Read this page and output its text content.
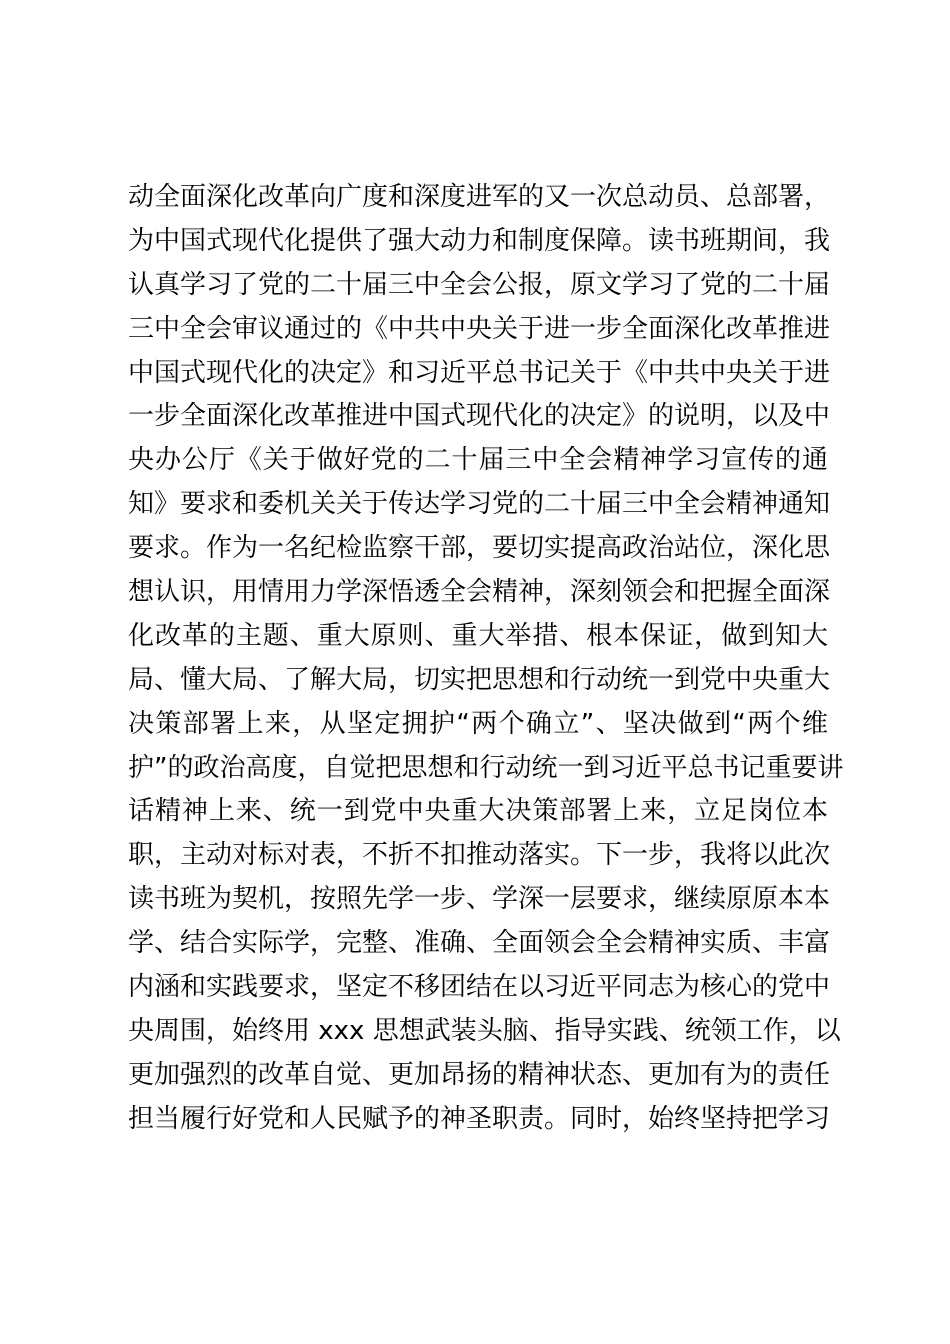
动全面深化改革向广度和深度进军的又一次总动员、总部署，
为中国式现代化提供了强大动力和制度保障。读书班期间，我
认真学习了党的二十届三中全会公报，原文学习了党的二十届
三中全会审议通过的《中共中央关于进一步全面深化改革推进
中国式现代化的决定》和习近平总书记关于《中共中央关于进
一步全面深化改革推进中国式现代化的决定》的说明，以及中
央办公厅《关于做好党的二十届三中全会精神学习宣传的通
知》要求和委机关关于传达学习党的二十届三中全会精神通知
要求。作为一名纪检监察干部，要切实提高政治站位，深化思
想认识，用情用力学深悟透全会精神，深刻领会和把握全面深
化改革的主题、重大原则、重大举措、根本保证，做到知大
局、懂大局、了解大局，切实把思想和行动统一到党中央重大
决策部署上来，从坚定拥护“两个确立”、坚决做到“两个维
护”的政治高度，自觉把思想和行动统一到习近平总书记重要讲
话精神上来、统一到党中央重大决策部署上来，立足岗位本
职，主动对标对表，不折不扣推动落实。下一步，我将以此次
读书班为契机，按照先学一步、学深一层要求，继续原原本本
学、结合实际学，完整、准确、全面领会全会精神实质、丰富
内涵和实践要求，坚定不移团结在以习近平同志为核心的党中
央周围，始终用 xxx 思想武装头脑、指导实践、统领工作，以
更加强烈的改革自觉、更加昂扬的精神状态、更加有为的责任
担当履行好党和人民赋予的神圣职责。同时，始终坚持把学习
